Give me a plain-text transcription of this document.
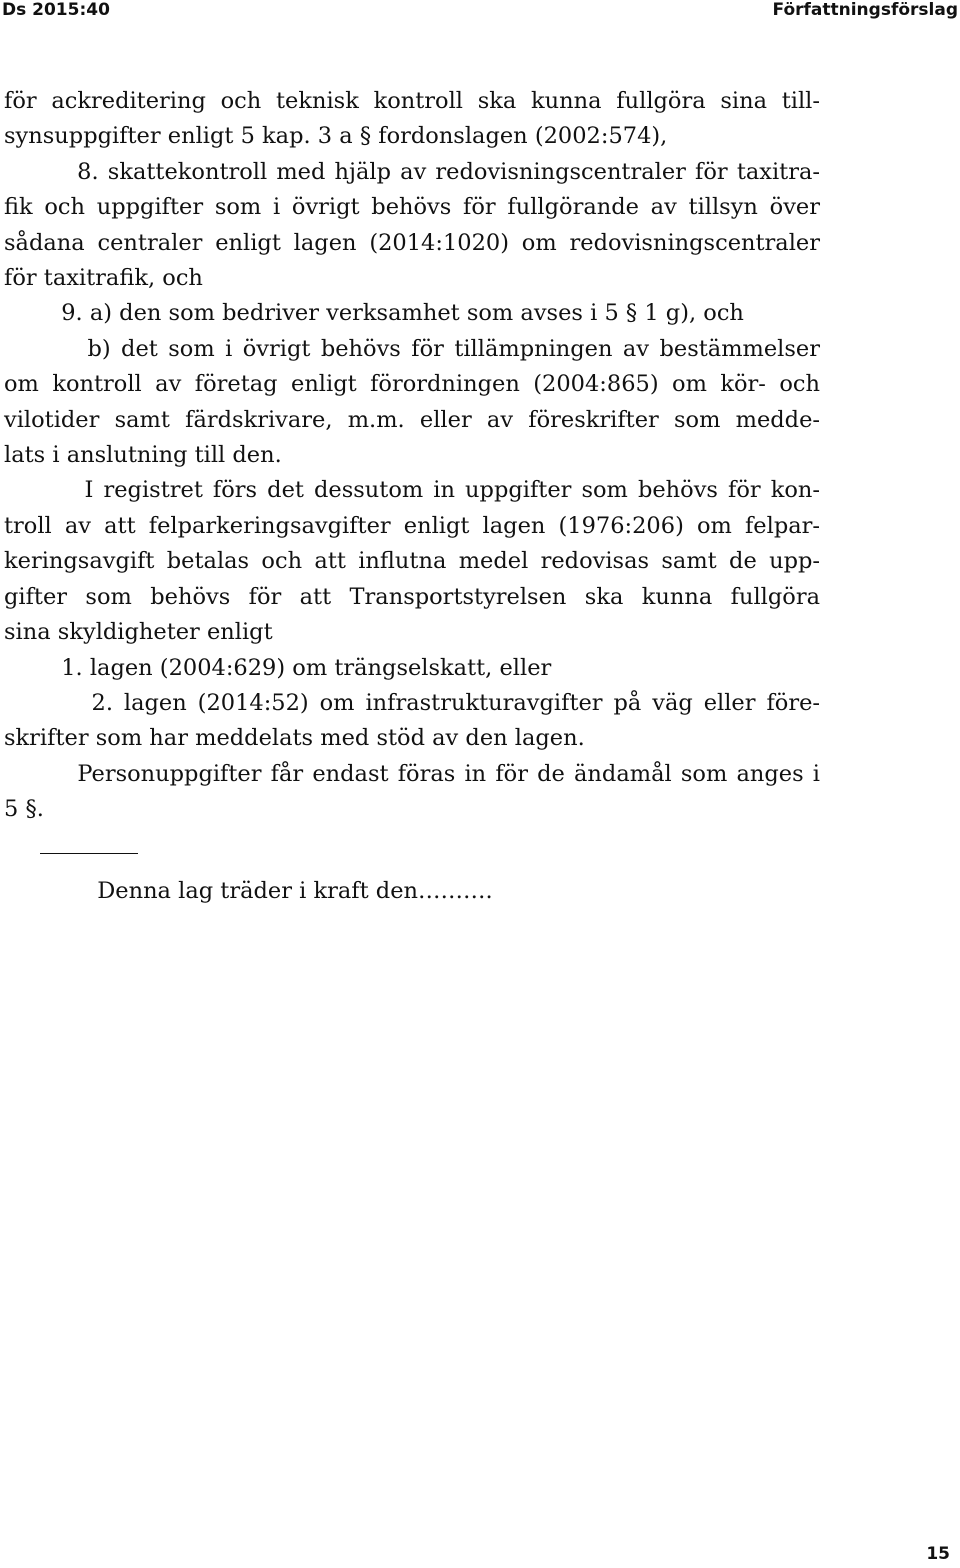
Ds 2015:40	Författningsförslag
för ackreditering och teknisk kontroll ska kunna fullgöra sina till-
synsuppgifter enligt 5 kap. 3 a § fordonslagen (2002:574),
8. skattekontroll med hjälp av redovisningscentraler för taxitra-
fik och uppgifter som i övrigt behövs för fullgörande av tillsyn över
sådana centraler enligt lagen (2014:1020) om redovisningscentraler
för taxitrafik, och
9. a) den som bedriver verksamhet som avses i 5 § 1 g), och
b) det som i övrigt behövs för tillämpningen av bestämmelser
om kontroll av företag enligt förordningen (2004:865) om kör- och
vilotider samt färdskrivare, m.m. eller av föreskrifter som medde-
lats i anslutning till den.
I registret förs det dessutom in uppgifter som behövs för kon-
troll av att felparkeringsavgifter enligt lagen (1976:206) om felpar-
keringsavgift betalas och att influtna medel redovisas samt de upp-
gifter som behövs för att Transportstyrelsen ska kunna fullgöra
sina skyldigheter enligt
1. lagen (2004:629) om trängselskatt, eller
2. lagen (2014:52) om infrastrukturavgifter på väg eller före-
skrifter som har meddelats med stöd av den lagen.
Personuppgifter får endast föras in för de ändamål som anges i
5 §.
Denna lag träder i kraft den……….
15
